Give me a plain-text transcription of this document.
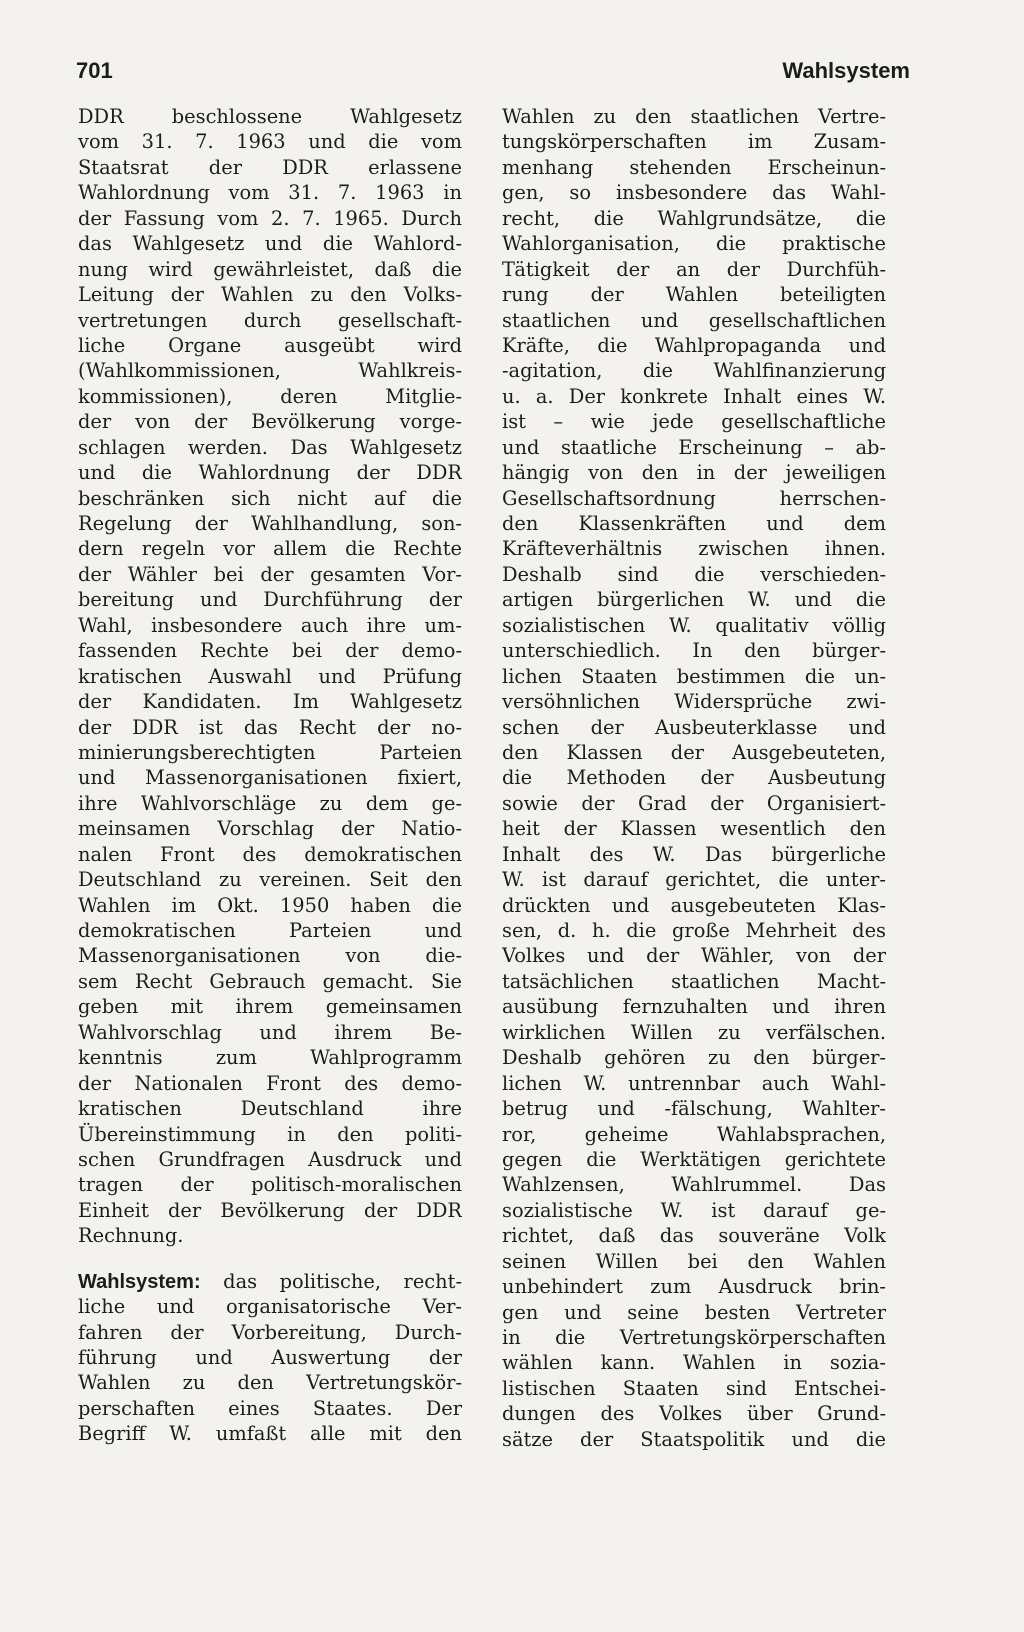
701	Wahlsystem

DDR beschlossene Wahlgesetz
vom 31. 7. 1963 und die vom
Staatsrat der DDR erlassene
Wahlordnung vom 31. 7. 1963 in
der Fassung vom 2. 7. 1965. Durch
das Wahlgesetz und die Wahlord-
nung wird gewährleistet, daß die
Leitung der Wahlen zu den Volks-
vertretungen durch gesellschaft-
liche Organe ausgeübt wird
(Wahlkommissionen, Wahlkreis-
kommissionen), deren Mitglie-
der von der Bevölkerung vorge-
schlagen werden. Das Wahlgesetz
und die Wahlordnung der DDR
beschränken sich nicht auf die
Regelung der Wahlhandlung, son-
dern regeln vor allem die Rechte
der Wähler bei der gesamten Vor-
bereitung und Durchführung der
Wahl, insbesondere auch ihre um-
fassenden Rechte bei der demo-
kratischen Auswahl und Prüfung
der Kandidaten. Im Wahlgesetz
der DDR ist das Recht der no-
minierungsberechtigten Parteien
und Massenorganisationen fixiert,
ihre Wahlvorschläge zu dem ge-
meinsamen Vorschlag der Natio-
nalen Front des demokratischen
Deutschland zu vereinen. Seit den
Wahlen im Okt. 1950 haben die
demokratischen Parteien und
Massenorganisationen von die-
sem Recht Gebrauch gemacht. Sie
geben mit ihrem gemeinsamen
Wahlvorschlag und ihrem Be-
kenntnis zum Wahlprogramm
der Nationalen Front des demo-
kratischen Deutschland ihre
Übereinstimmung in den politi-
schen Grundfragen Ausdruck und
tragen der politisch-moralischen
Einheit der Bevölkerung der DDR
Rechnung.

Wahlsystem: das politische, recht-
liche und organisatorische Ver-
fahren der Vorbereitung, Durch-
führung und Auswertung der
Wahlen zu den Vertretungskör-
perschaften eines Staates. Der
Begriff W. umfaßt alle mit den

Wahlen zu den staatlichen Vertre-
tungskörperschaften im Zusam-
menhang stehenden Erscheinun-
gen, so insbesondere das Wahl-
recht, die Wahlgrundsätze, die
Wahlorganisation, die praktische
Tätigkeit der an der Durchfüh-
rung der Wahlen beteiligten
staatlichen und gesellschaftlichen
Kräfte, die Wahlpropaganda und
-agitation, die Wahlfinanzierung
u. a. Der konkrete Inhalt eines W.
ist – wie jede gesellschaftliche
und staatliche Erscheinung – ab-
hängig von den in der jeweiligen
Gesellschaftsordnung herrschen-
den Klassenkräften und dem
Kräfteverhältnis zwischen ihnen.
Deshalb sind die verschieden-
artigen bürgerlichen W. und die
sozialistischen W. qualitativ völlig
unterschiedlich. In den bürger-
lichen Staaten bestimmen die un-
versöhnlichen Widersprüche zwi-
schen der Ausbeuterklasse und
den Klassen der Ausgebeuteten,
die Methoden der Ausbeutung
sowie der Grad der Organisiert-
heit der Klassen wesentlich den
Inhalt des W. Das bürgerliche
W. ist darauf gerichtet, die unter-
drückten und ausgebeuteten Klas-
sen, d. h. die große Mehrheit des
Volkes und der Wähler, von der
tatsächlichen staatlichen Macht-
ausübung fernzuhalten und ihren
wirklichen Willen zu verfälschen.
Deshalb gehören zu den bürger-
lichen W. untrennbar auch Wahl-
betrug und -fälschung, Wahlter-
ror, geheime Wahlabsprachen,
gegen die Werktätigen gerichtete
Wahlzensen, Wahlrummel. Das
sozialistische W. ist darauf ge-
richtet, daß das souveräne Volk
seinen Willen bei den Wahlen
unbehindert zum Ausdruck brin-
gen und seine besten Vertreter
in die Vertretungskörperschaften
wählen kann. Wahlen in sozia-
listischen Staaten sind Entschei-
dungen des Volkes über Grund-
sätze der Staatspolitik und die
